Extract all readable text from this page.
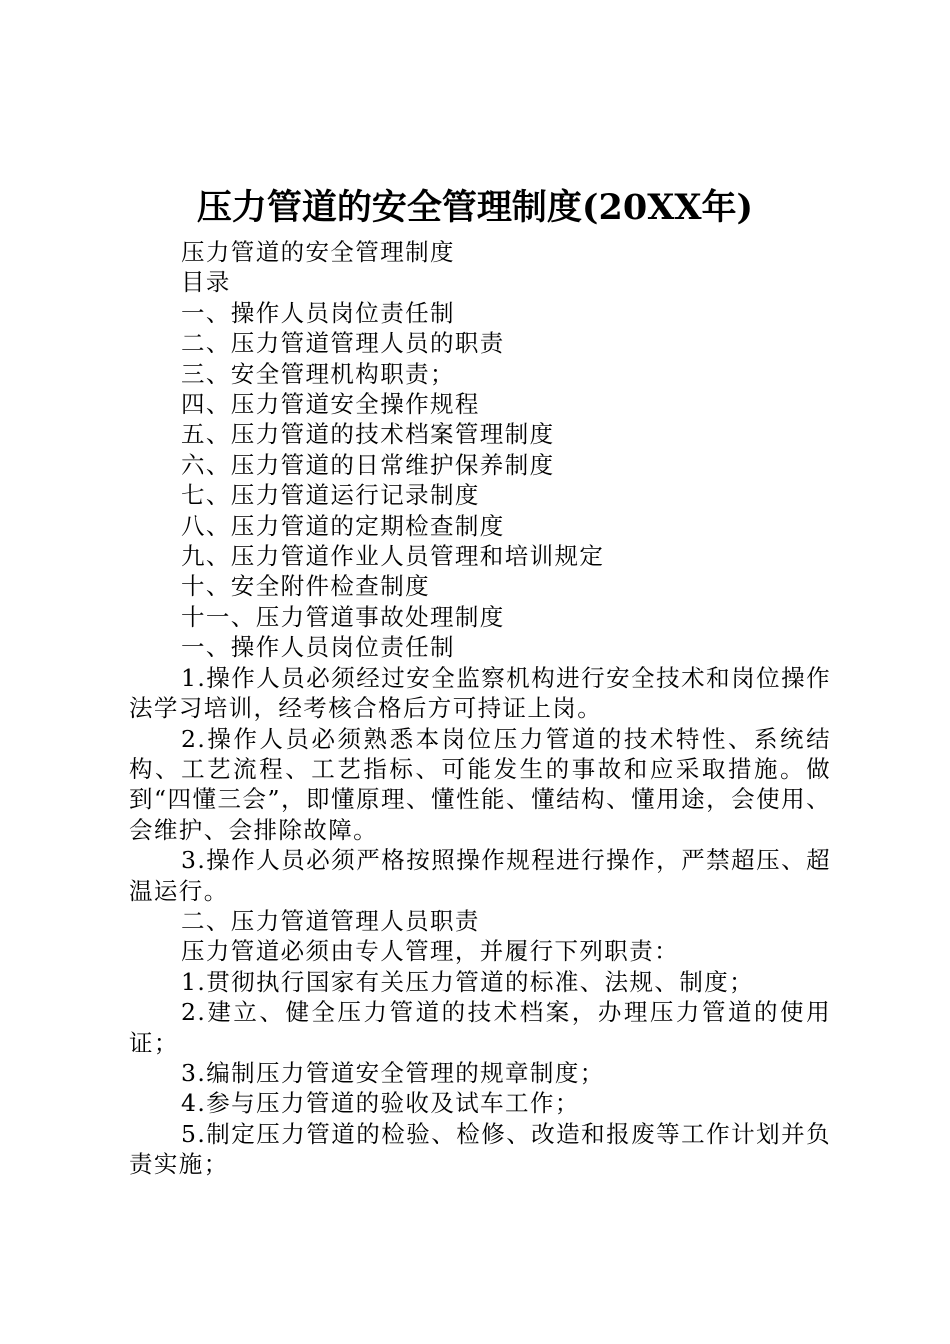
压力管道的安全管理制度(20XX年)

压力管道的安全管理制度

目录

一、操作人员岗位责任制

二、压力管道管理人员的职责

三、安全管理机构职责；

四、压力管道安全操作规程

五、压力管道的技术档案管理制度

六、压力管道的日常维护保养制度

七、压力管道运行记录制度

八、压力管道的定期检查制度

九、压力管道作业人员管理和培训规定

十、安全附件检查制度

十一、压力管道事故处理制度

一、操作人员岗位责任制

1.操作人员必须经过安全监察机构进行安全技术和岗位操作法学习培训，经考核合格后方可持证上岗。

2.操作人员必须熟悉本岗位压力管道的技术特性、系统结构、工艺流程、工艺指标、可能发生的事故和应采取措施。做到“四懂三会”，即懂原理、懂性能、懂结构、懂用途，会使用、会维护、会排除故障。

3.操作人员必须严格按照操作规程进行操作，严禁超压、超温运行。

二、压力管道管理人员职责

压力管道必须由专人管理，并履行下列职责：

1.贯彻执行国家有关压力管道的标准、法规、制度；

2.建立、健全压力管道的技术档案，办理压力管道的使用证；

3.编制压力管道安全管理的规章制度；

4.参与压力管道的验收及试车工作；

5.制定压力管道的检验、检修、改造和报废等工作计划并负责实施；
